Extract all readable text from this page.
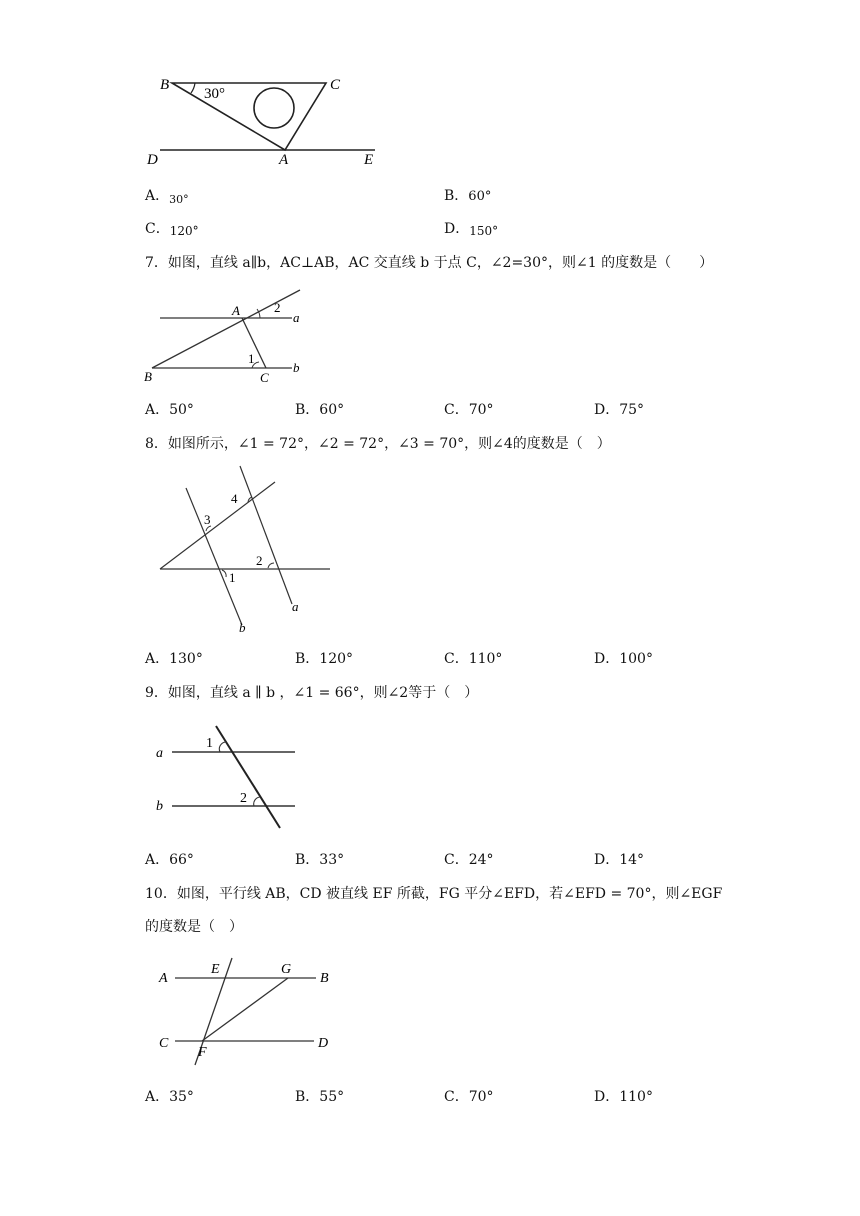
B	C
D	A	E
30°
A．$_{30^\circ}$	B．60°
C．120°	D．150°
7．如图，直线 a∥b，AC⊥AB，AC 交直线 b 于点 C，∠2=30°，则∠1 的度数是（　　）
A
B	C
a
b
2
1
A．50°	B．60°	C．70°	D．75°
8．如图所示，∠1 = 72°，∠2 = 72°，∠3 = 70°，则∠4的度数是（　）
1
2
3
4
a
b
A．130°	B．120°	C．110°	D．100°
9．如图，直线 a ∥ b ，∠1 = 66°，则∠2等于（　）
a
b
1
2
A．66°	B．33°	C．24°	D．14°
10．如图，平行线 AB，CD 被直线 EF 所截，FG 平分∠EFD，若∠EFD = 70°，则∠EGF
的度数是（　）
A
E	G
B
C
F
D
A．35°	B．55°	C．70°	D．110°
